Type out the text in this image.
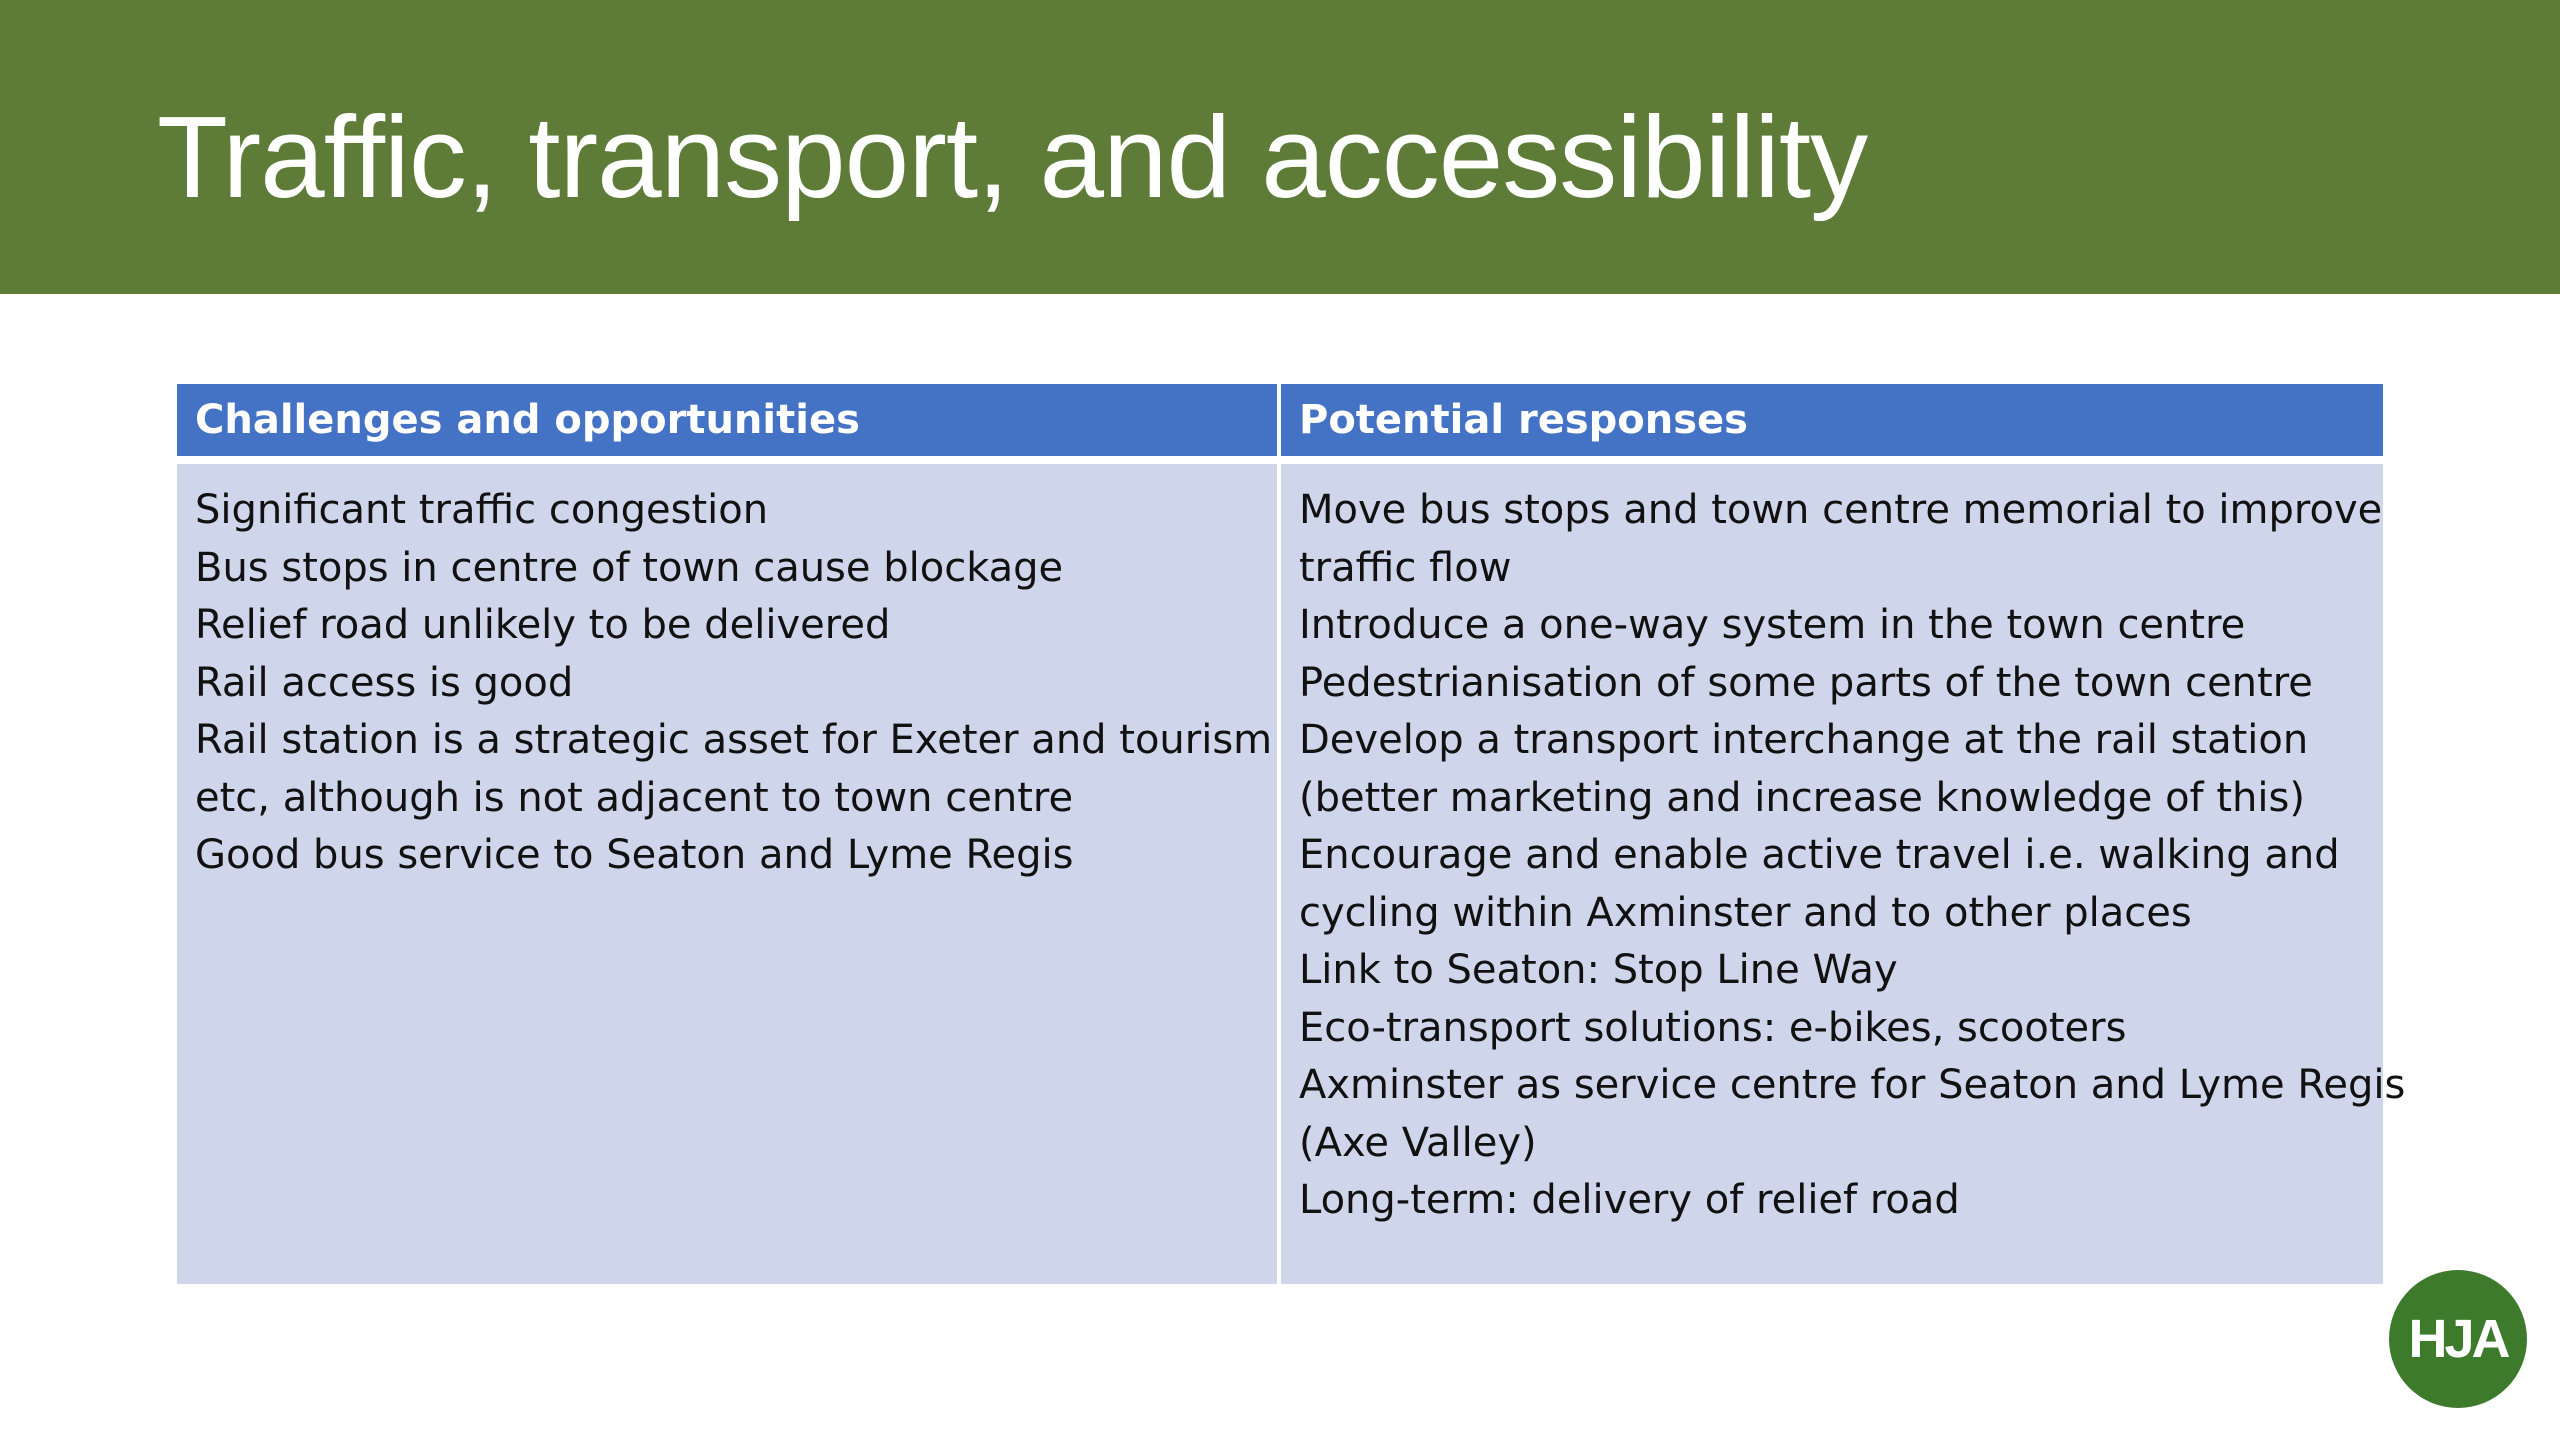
Traffic, transport, and accessibility
Challenges and opportunities
Significant traffic congestion
Bus stops in centre of town cause blockage
Relief road unlikely to be delivered
Rail access is good
Rail station is a strategic asset for Exeter and tourism
etc, although is not adjacent to town centre
Good bus service to Seaton and Lyme Regis
Potential responses
Move bus stops and town centre memorial to improve
traffic flow
Introduce a one-way system in the town centre
Pedestrianisation of some parts of the town centre
Develop a transport interchange at the rail station
(better marketing and increase knowledge of this)
Encourage and enable active travel i.e. walking and
cycling within Axminster and to other places
Link to Seaton: Stop Line Way
Eco-transport solutions: e-bikes, scooters
Axminster as service centre for Seaton and Lyme Regis
(Axe Valley)
Long-term: delivery of relief road
HJA
